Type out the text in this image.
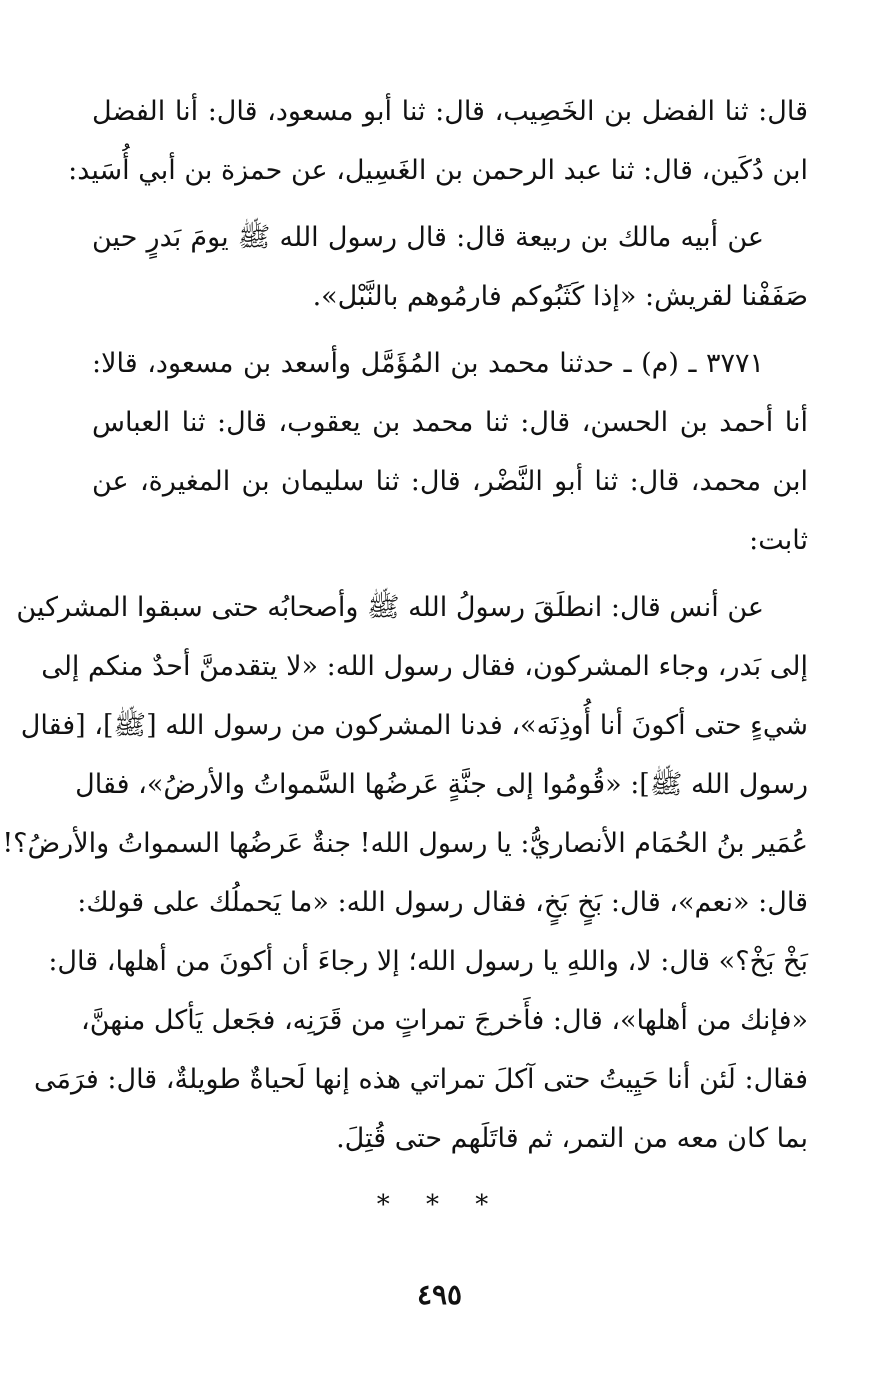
قال: ثنا الفضل بن الخَصِيب، قال: ثنا أبو مسعود، قال: أنا الفضل
ابن دُكَين، قال: ثنا عبد الرحمن بن الغَسِيل، عن حمزة بن أبي أُسَيد:
عن أبيه مالك بن ربيعة قال: قال رسول الله ﷺ يومَ بَدرٍ حين
صَفَفْنا لقريش: «إذا كَثَبُوكم فارمُوهم بالنَّبْل».
٣٧٧١ ـ (م) ـ حدثنا محمد بن المُؤَمَّل وأسعد بن مسعود، قالا:
أنا أحمد بن الحسن، قال: ثنا محمد بن يعقوب، قال: ثنا العباس
ابن محمد، قال: ثنا أبو النَّضْر، قال: ثنا سليمان بن المغيرة، عن
ثابت:
عن أنس قال: انطلَقَ رسولُ الله ﷺ وأصحابُه حتى سبقوا المشركين
إلى بَدر، وجاء المشركون، فقال رسول الله: «لا يتقدمنَّ أحدٌ منكم إلى
شيءٍ حتى أكونَ أنا أُوذِنَه»، فدنا المشركون من رسول الله [ﷺ]، [فقال
رسول الله ﷺ]: «قُومُوا إلى جنَّةٍ عَرضُها السَّمواتُ والأرضُ»، فقال
عُمَير بنُ الحُمَام الأنصاريُّ: يا رسول الله! جنةٌ عَرضُها السمواتُ والأرضُ؟!
قال: «نعم»، قال: بَخٍ بَخٍ، فقال رسول الله: «ما يَحملُك على قولك:
بَخْ بَخْ؟» قال: لا، واللهِ يا رسول الله؛ إلا رجاءَ أن أكونَ من أهلها، قال:
«فإنك من أهلها»، قال: فأَخرجَ تمراتٍ من قَرَنِه، فجَعل يَأكل منهنَّ،
فقال: لَئن أنا حَيِيتُ حتى آكلَ تمراتي هذه إنها لَحياةٌ طويلةٌ، قال: فرَمَى
بما كان معه من التمر، ثم قاتَلَهم حتى قُتِلَ.
* * *
٤٩٥
